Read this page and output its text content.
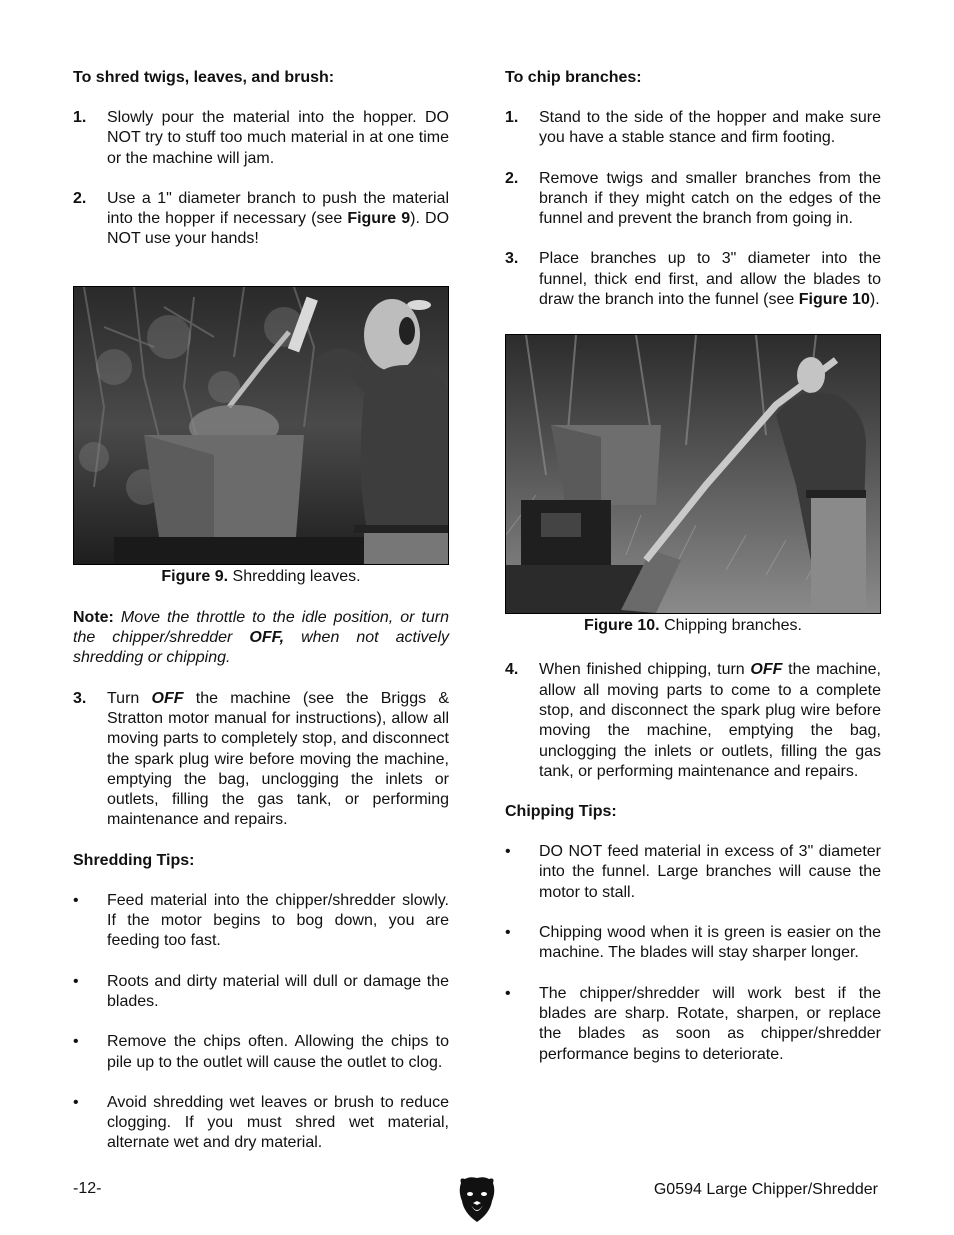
To shred twigs, leaves, and brush:

1.	Slowly pour the material into the hopper. DO NOT try to stuff too much material in at one time or the machine will jam.
2.	Use a 1" diameter branch to push the material into the hopper if necessary (see Figure 9). DO NOT use your hands!
Figure 9. Shredding leaves.
Note: Move the throttle to the idle position, or turn the chipper/shredder OFF, when not actively shredding or chipping.
3.	Turn OFF the machine (see the Briggs & Stratton motor manual for instructions), allow all moving parts to completely stop, and disconnect the spark plug wire before moving the machine, emptying the bag, unclogging the inlets or outlets, filling the gas tank, or performing maintenance and repairs.

Shredding Tips:

•	Feed material into the chipper/shredder slowly. If the motor begins to bog down, you are feeding too fast.
•	Roots and dirty material will dull or damage the blades.
•	Remove the chips often. Allowing the chips to pile up to the outlet will cause the outlet to clog.
•	Avoid shredding wet leaves or brush to reduce clogging. If you must shred wet material, alternate wet and dry material.

To chip branches:

1.	Stand to the side of the hopper and make sure you have a stable stance and firm footing.
2.	Remove twigs and smaller branches from the branch if they might catch on the edges of the funnel and prevent the branch from going in.
3.	Place branches up to 3" diameter into the funnel, thick end first, and allow the blades to draw the branch into the funnel (see Figure 10).
Figure 10. Chipping branches.
4.	When finished chipping, turn OFF the machine, allow all moving parts to come to a complete stop, and disconnect the spark plug wire before moving the machine, emptying the bag, unclogging the inlets or outlets, filling the gas tank, or performing maintenance and repairs.

Chipping Tips:

•	DO NOT feed material in excess of 3" diameter into the funnel. Large branches will cause the motor to stall.
•	Chipping wood when it is green is easier on the machine. The blades will stay sharper longer.
•	The chipper/shredder will work best if the blades are sharp. Rotate, sharpen, or replace the blades as soon as chipper/shredder performance begins to deteriorate.
-12-	G0594 Large Chipper/Shredder
